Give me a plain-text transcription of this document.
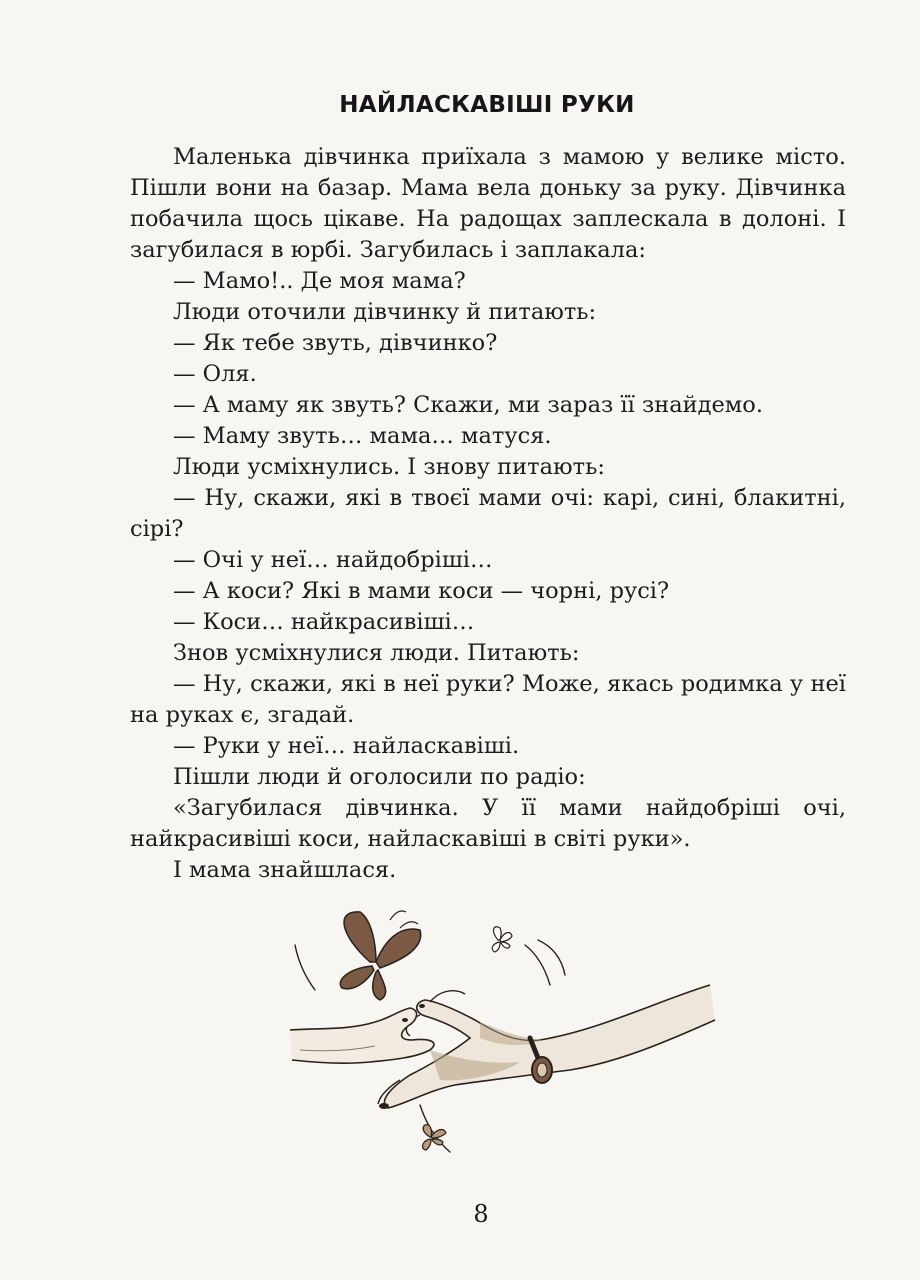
НАЙЛАСКАВІШІ РУКИ

Маленька дівчинка приїхала з мамою у велике місто. Пішли вони на базар. Мама вела доньку за руку. Дівчинка побачила щось цікаве. На радощах заплескала в долоні. І загубилася в юрбі. Загубилась і заплакала:

— Мамо!.. Де моя мама?

Люди оточили дівчинку й питають:

— Як тебе звуть, дівчинко?

— Оля.

— А маму як звуть? Скажи, ми зараз її знайдемо.

— Маму звуть… мама… матуся.

Люди усміхнулись. І знову питають:

— Ну, скажи, які в твоєї мами очі: карі, сині, блакитні, сірі?

— Очі у неї… найдобріші…

— А коси? Які в мами коси — чорні, русі?

— Коси… найкрасивіші…

Знов усміхнулися люди. Питають:

— Ну, скажи, які в неї руки? Може, якась родимка у неї на руках є, згадай.

— Руки у неї… найласкавіші.

Пішли люди й оголосили по радіо:

«Загубилася дівчинка. У її мами найдобріші очі, найкрасивіші коси, найласкавіші в світі руки».

І мама знайшлася.

8
